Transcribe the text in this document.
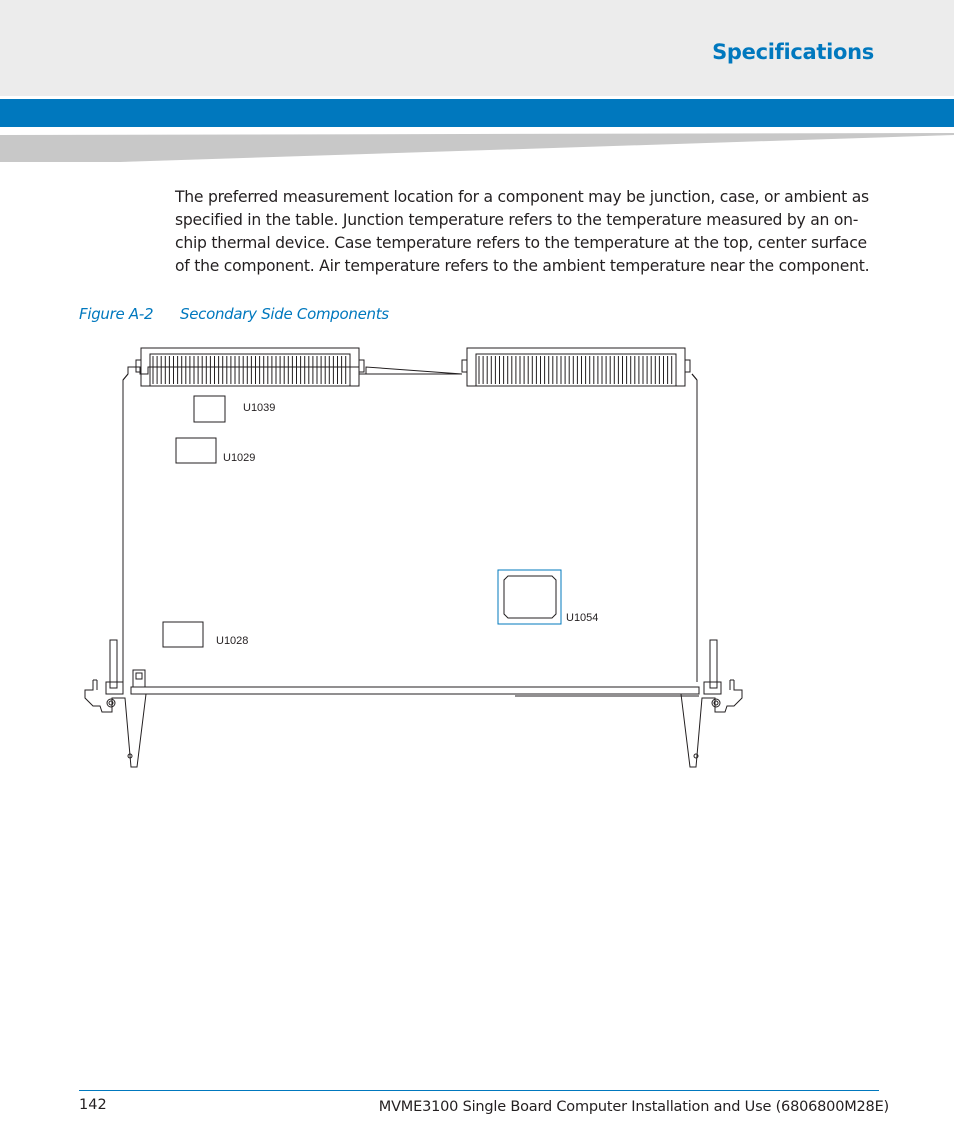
Specifications
The preferred measurement location for a component may be junction, case, or ambient as specified in the table. Junction temperature refers to the temperature measured by an on-chip thermal device. Case temperature refers to the temperature at the top, center surface of the component. Air temperature refers to the ambient temperature near the component.
Figure A-2 Secondary Side Components
U1039
U1029
U1054
U1028
142	MVME3100 Single Board Computer Installation and Use (6806800M28E)
